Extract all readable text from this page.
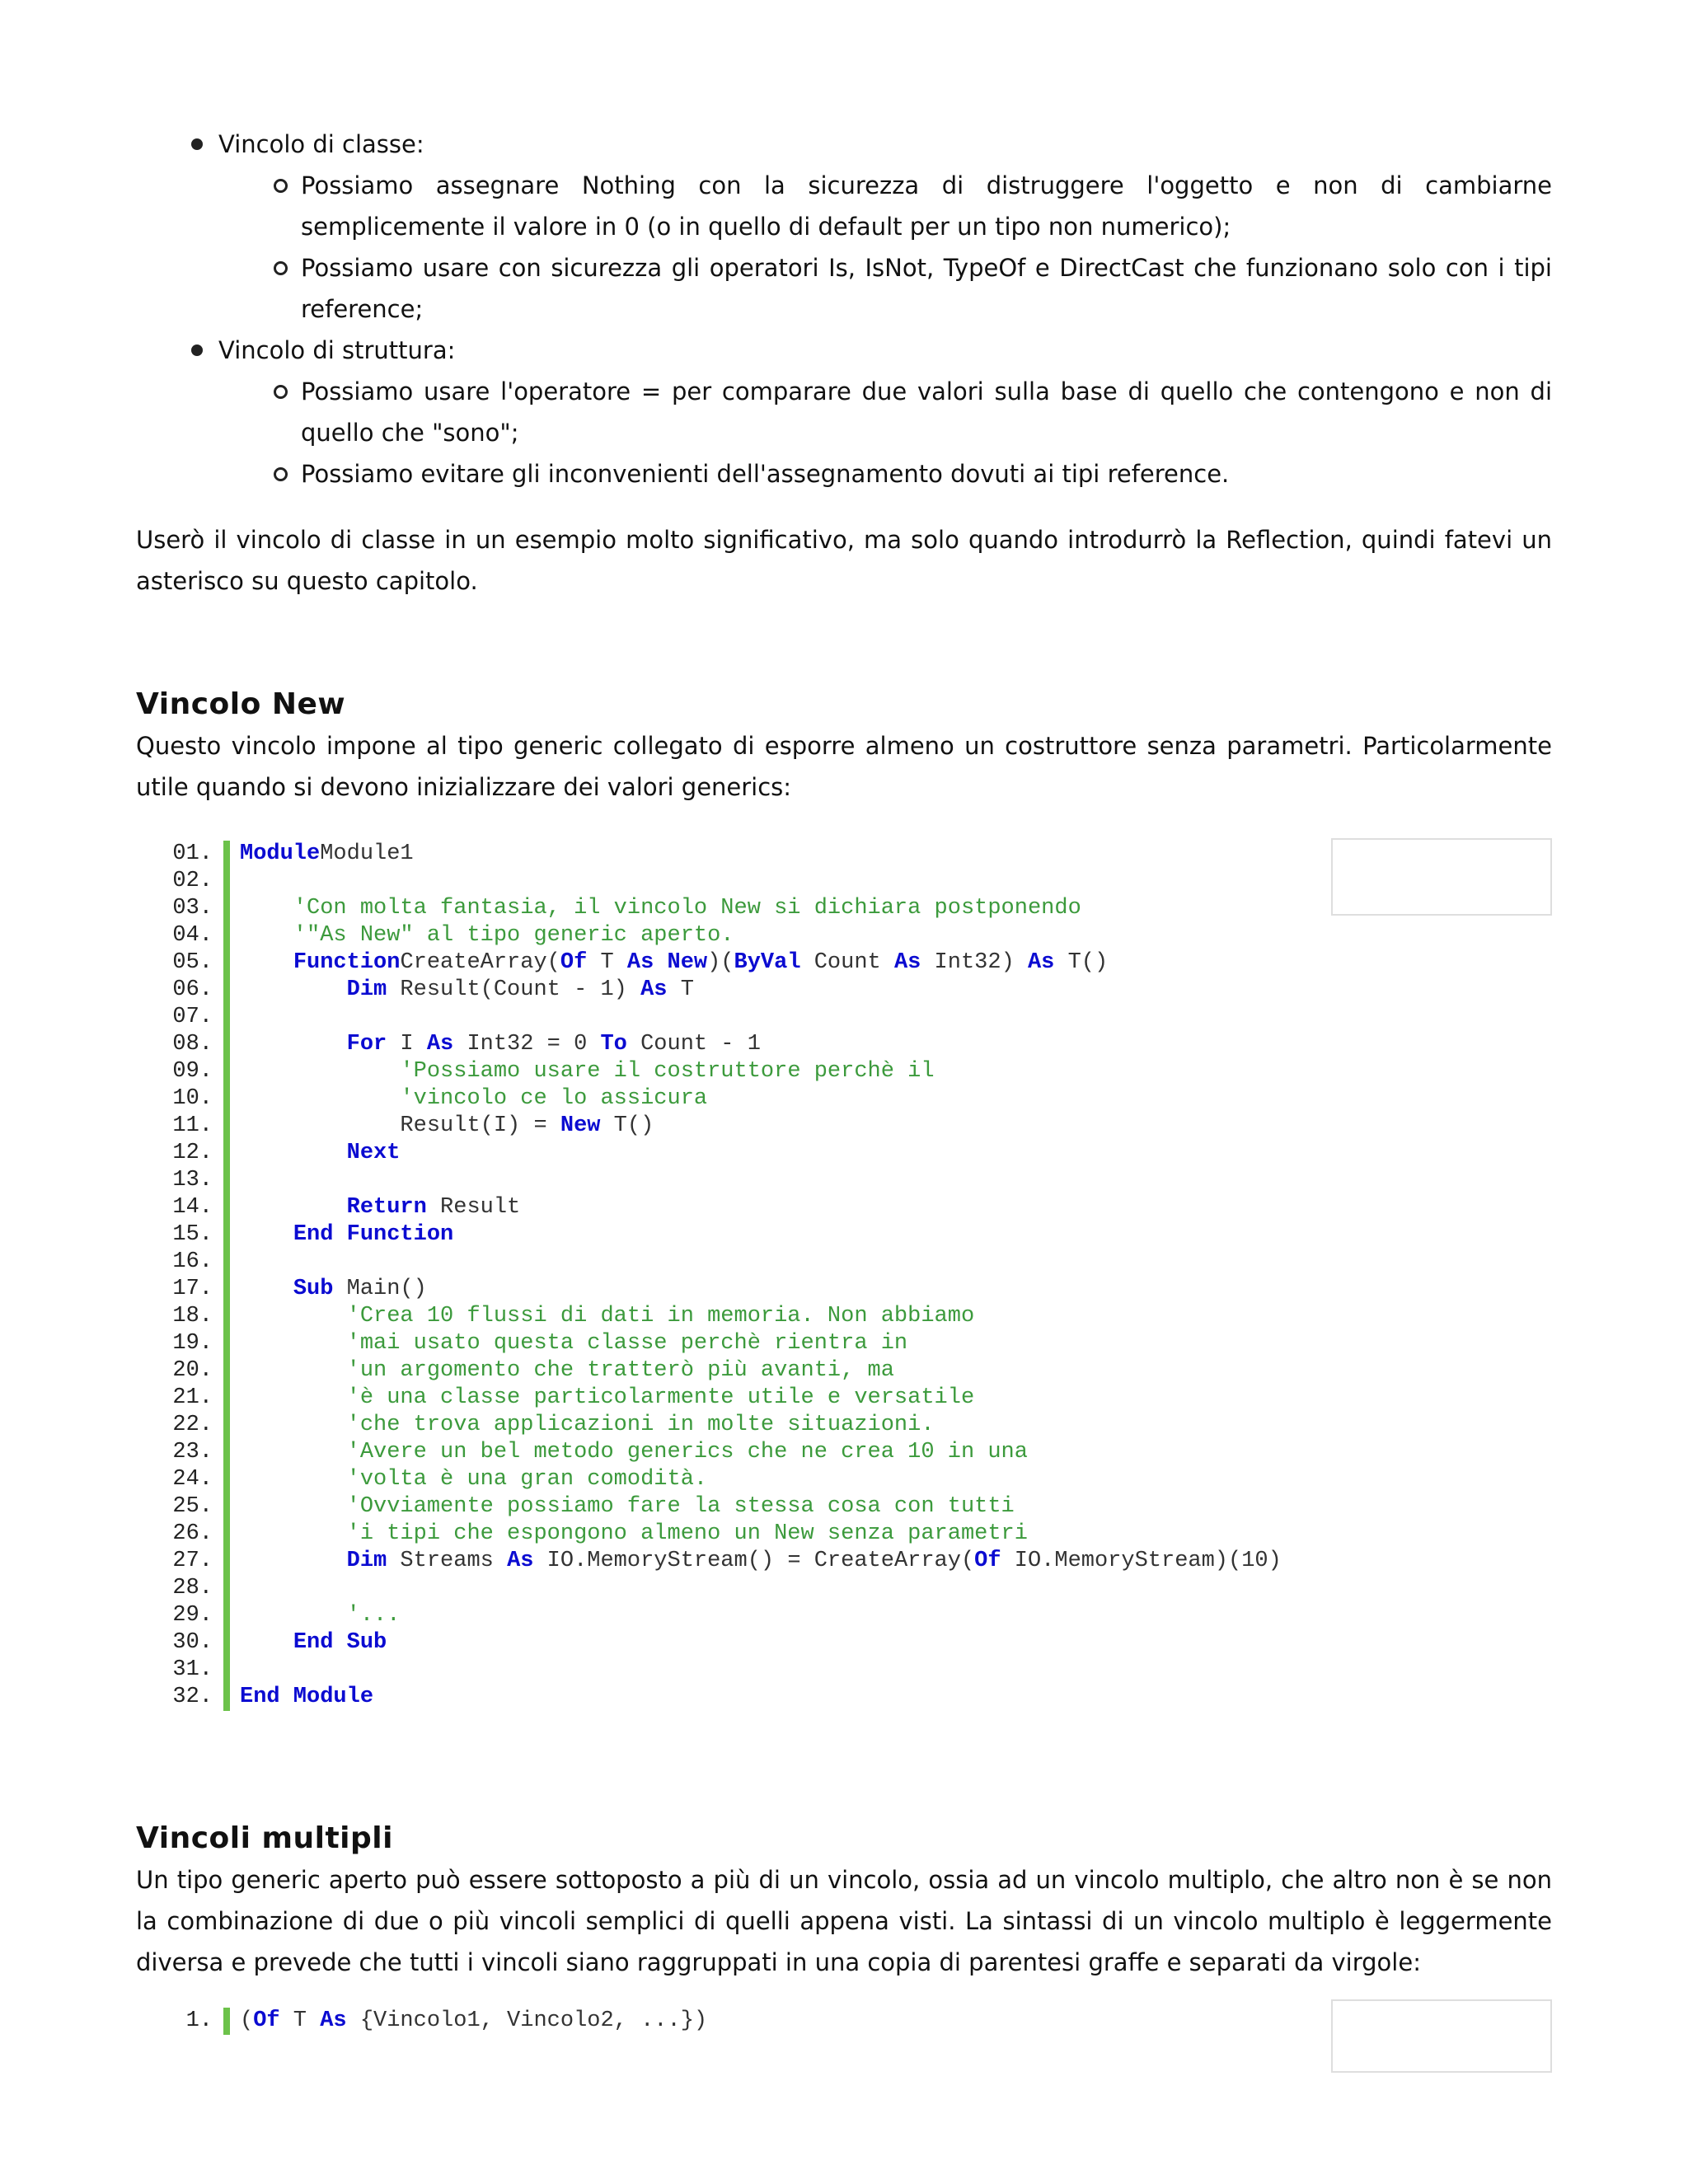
Vincolo di classe:
Possiamo assegnare Nothing con la sicurezza di distruggere l'oggetto e non di cambiarne semplicemente il valore in 0 (o in quello di default per un tipo non numerico);
Possiamo usare con sicurezza gli operatori Is, IsNot, TypeOf e DirectCast che funzionano solo con i tipi reference;
Vincolo di struttura:
Possiamo usare l'operatore = per comparare due valori sulla base di quello che contengono e non di quello che "sono";
Possiamo evitare gli inconvenienti dell'assegnamento dovuti ai tipi reference.

Userò il vincolo di classe in un esempio molto significativo, ma solo quando introdurrò la Reflection, quindi fatevi un asterisco su questo capitolo.

Vincolo New

Questo vincolo impone al tipo generic collegato di esporre almeno un costruttore senza parametri. Particolarmente utile quando si devono inizializzare dei valori generics:

01.	ModuleModule1
02.
03.	'Con molta fantasia, il vincolo New si dichiara postponendo
04.	'"As New" al tipo generic aperto.
05.	FunctionCreateArray(Of T As New)(ByVal Count As Int32) As T()
06.	Dim Result(Count - 1) As T
07.
08.	For I As Int32 = 0 To Count - 1
09.	'Possiamo usare il costruttore perchè il
10.	'vincolo ce lo assicura
11.	Result(I) = New T()
12.	Next
13.
14.	Return Result
15.	End Function
16.
17.	Sub Main()
18.	'Crea 10 flussi di dati in memoria. Non abbiamo
19.	'mai usato questa classe perchè rientra in
20.	'un argomento che tratterò più avanti, ma
21.	'è una classe particolarmente utile e versatile
22.	'che trova applicazioni in molte situazioni.
23.	'Avere un bel metodo generics che ne crea 10 in una
24.	'volta è una gran comodità.
25.	'Ovviamente possiamo fare la stessa cosa con tutti
26.	'i tipi che espongono almeno un New senza parametri
27.	Dim Streams As IO.MemoryStream() = CreateArray(Of IO.MemoryStream)(10)
28.
29.	'...
30.	End Sub
31.
32.	End Module
Vincoli multipli

Un tipo generic aperto può essere sottoposto a più di un vincolo, ossia ad un vincolo multiplo, che altro non è se non la combinazione di due o più vincoli semplici di quelli appena visti. La sintassi di un vincolo multiplo è leggermente diversa e prevede che tutti i vincoli siano raggruppati in una copia di parentesi graffe e separati da virgole:

1.	(Of T As {Vincolo1, Vincolo2, ...})
